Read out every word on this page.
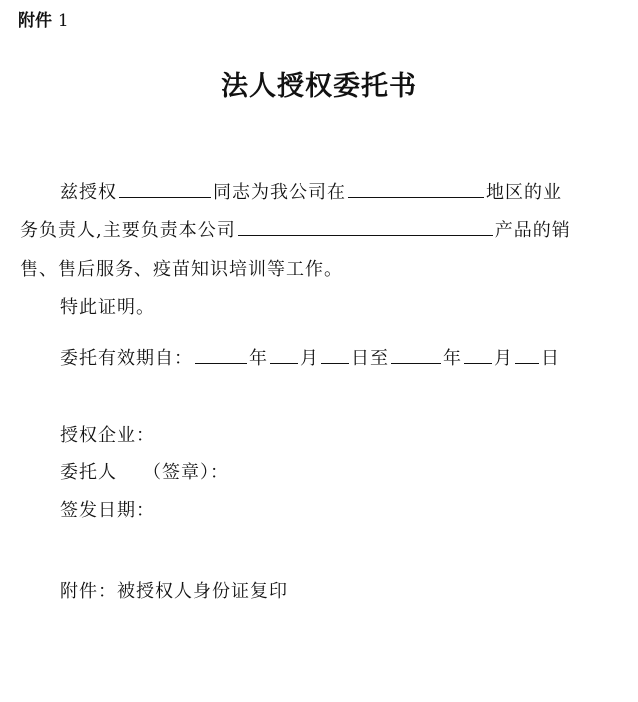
附件 1
法人授权委托书
兹授权	同志为我公司在	地区的业
务负责人,主要负责本公司	产品的销
售、售后服务、疫苗知识培训等工作。
特此证明。
委托有效期自：	年 月 日至	年 月 日
授权企业：
委托人 （签章）：
签发日期：
附件：被授权人身份证复印
